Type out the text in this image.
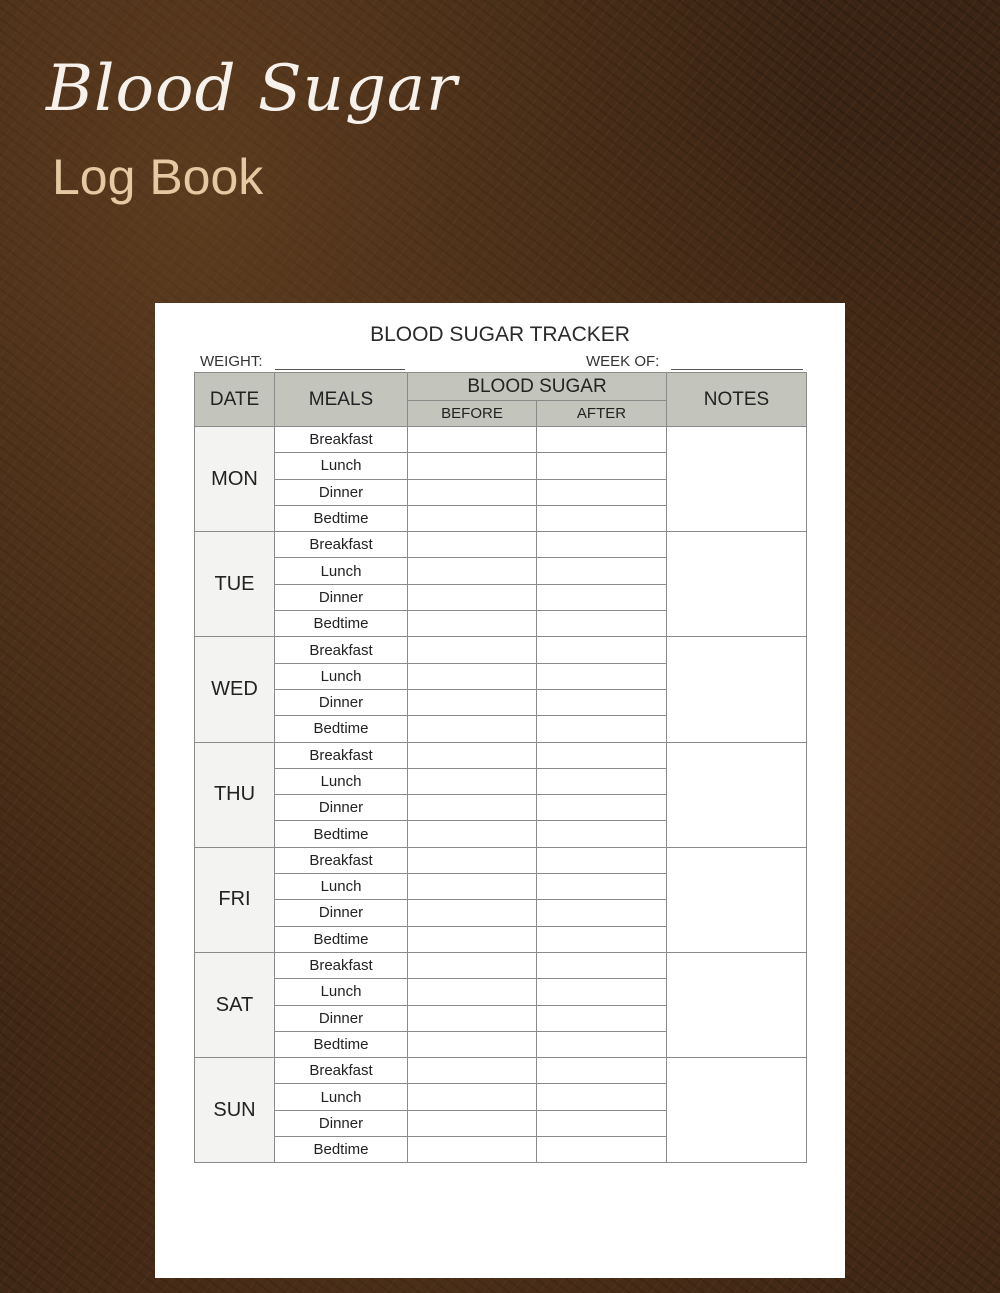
Blood Sugar
Log Book
BLOOD SUGAR TRACKER
WEIGHT:	WEEK OF:
DATE	MEALS	BLOOD SUGAR		NOTES
		BEFORE	AFTER	
MON	Breakfast			
	Lunch			
	Dinner			
	Bedtime			
TUE	Breakfast			
	Lunch			
	Dinner			
	Bedtime			
WED	Breakfast			
	Lunch			
	Dinner			
	Bedtime			
THU	Breakfast			
	Lunch			
	Dinner			
	Bedtime			
FRI	Breakfast			
	Lunch			
	Dinner			
	Bedtime			
SAT	Breakfast			
	Lunch			
	Dinner			
	Bedtime			
SUN	Breakfast			
	Lunch			
	Dinner			
	Bedtime			
